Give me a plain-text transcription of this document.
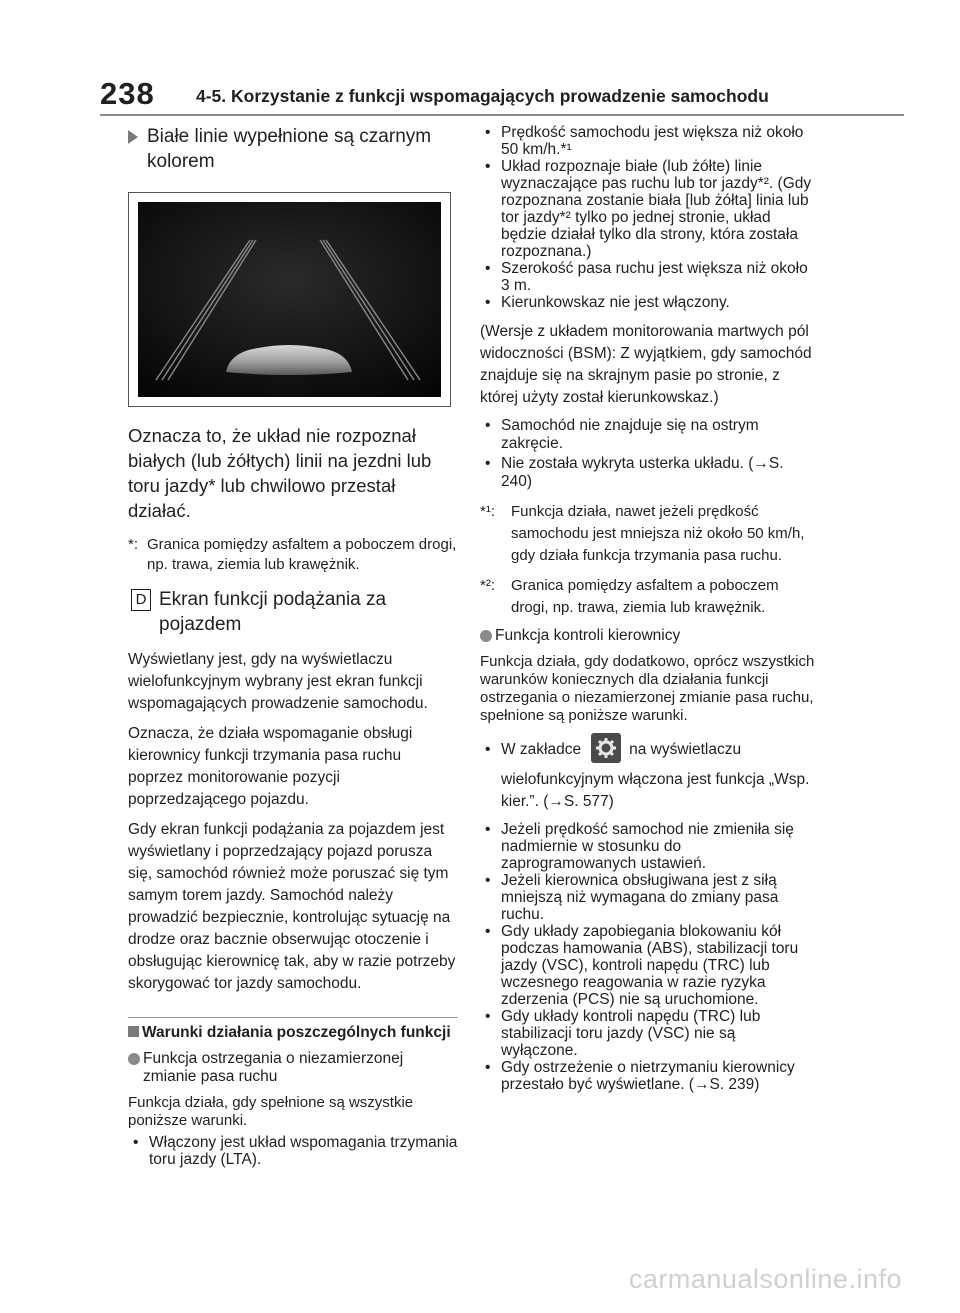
238 4-5. Korzystanie z funkcji wspomagających prowadzenie samochodu
Białe linie wypełnione są czarnym kolorem
Oznacza to, że układ nie rozpoznał białych (lub żółtych) linii na jezdni lub toru jazdy* lub chwilowo przestał działać.
*: Granica pomiędzy asfaltem a poboczem drogi, np. trawa, ziemia lub krawężnik.
D Ekran funkcji podążania za pojazdem

Wyświetlany jest, gdy na wyświetlaczu wielofunkcyjnym wybrany jest ekran funkcji wspomagających prowadzenie samochodu.

Oznacza, że działa wspomaganie obsługi kierownicy funkcji trzymania pasa ruchu poprzez monitorowanie pozycji poprzedzającego pojazdu.

Gdy ekran funkcji podążania za pojazdem jest wyświetlany i poprzedzający pojazd porusza się, samochód również może poruszać się tym samym torem jazdy. Samochód należy prowadzić bezpiecznie, kontrolując sytuację na drodze oraz bacznie obserwując otoczenie i obsługując kierownicę tak, aby w razie potrzeby skorygować tor jazdy samochodu.

Warunki działania poszczególnych funkcji
Funkcja ostrzegania o niezamierzonej zmianie pasa ruchu

Funkcja działa, gdy spełnione są wszystkie poniższe warunki.

• Włączony jest układ wspomagania trzymania toru jazdy (LTA).
• Prędkość samochodu jest większa niż około 50 km/h.*¹
• Układ rozpoznaje białe (lub żółte) linie wyznaczające pas ruchu lub tor jazdy*². (Gdy rozpoznana zostanie biała [lub żółta] linia lub tor jazdy*² tylko po jednej stronie, układ będzie działał tylko dla strony, która została rozpoznana.)
• Szerokość pasa ruchu jest większa niż około 3 m.
• Kierunkowskaz nie jest włączony.

(Wersje z układem monitorowania martwych pól widoczności (BSM): Z wyjątkiem, gdy samochód znajduje się na skrajnym pasie po stronie, z której użyty został kierunkowskaz.)

• Samochód nie znajduje się na ostrym zakręcie.
• Nie została wykryta usterka układu. (→S. 240)
*¹: Funkcja działa, nawet jeżeli prędkość samochodu jest mniejsza niż około 50 km/h, gdy działa funkcja trzymania pasa ruchu.
*²: Granica pomiędzy asfaltem a poboczem drogi, np. trawa, ziemia lub krawężnik.
Funkcja kontroli kierownicy

Funkcja działa, gdy dodatkowo, oprócz wszystkich warunków koniecznych dla działania funkcji ostrzegania o niezamierzonej zmianie pasa ruchu, spełnione są poniższe warunki.

• W zakładce	na wyświetlaczu

wielofunkcyjnym włączona jest funkcja „Wsp. kier.”. (→S. 577)

• Jeżeli prędkość samochod nie zmieniła się nadmiernie w stosunku do zaprogramowanych ustawień.
• Jeżeli kierownica obsługiwana jest z siłą mniejszą niż wymagana do zmiany pasa ruchu.
• Gdy układy zapobiegania blokowaniu kół podczas hamowania (ABS), stabilizacji toru jazdy (VSC), kontroli napędu (TRC) lub wczesnego reagowania w razie ryzyka zderzenia (PCS) nie są uruchomione.
• Gdy układy kontroli napędu (TRC) lub stabilizacji toru jazdy (VSC) nie są wyłączone.
• Gdy ostrzeżenie o nietrzymaniu kierownicy przestało być wyświetlane. (→S. 239)
carmanualsonline.info
